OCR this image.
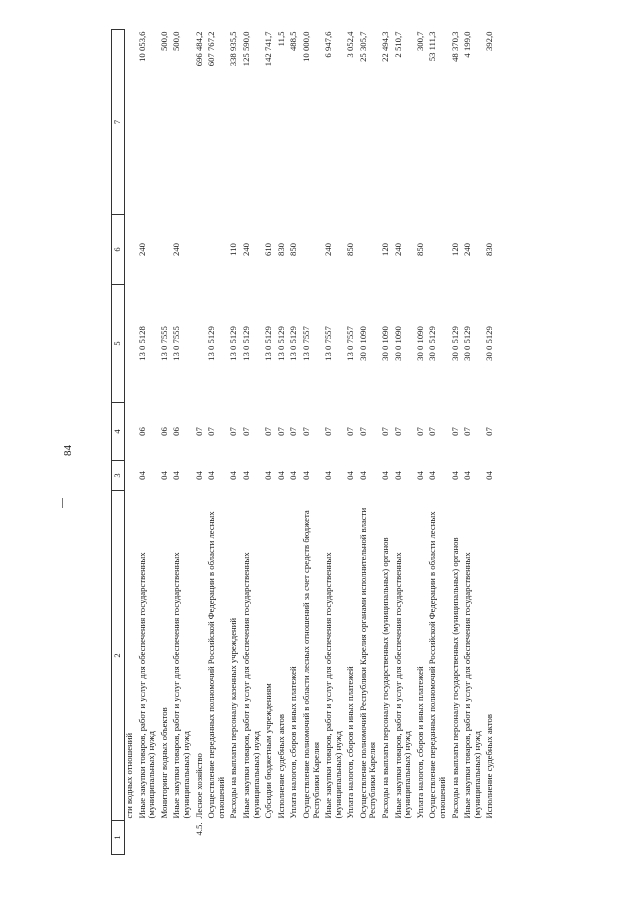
84
1	2	3	4	5	6	7
	сти водных отношений					
	Иные закупки товаров, работ и услуг для обеспечения государственных (муниципальных) нужд	04	06	13 0 5128	240	10 053,6
	Мониторинг водных объектов	04	06	13 0 7555		500,0
	Иные закупки товаров, работ и услуг для обеспечения государственных (муниципальных) нужд	04	06	13 0 7555	240	500,0
4.5.	Лесное хозяйство	04	07			696 484,2
	Осуществление переданных полномочий Российской Федерации в области лесных отношений	04	07	13 0 5129		607 767,2
	Расходы на выплаты персоналу казенных учреждений	04	07	13 0 5129	110	338 935,5
	Иные закупки товаров, работ и услуг для обеспечения государственных (муниципальных) нужд	04	07	13 0 5129	240	125 590,0
	Субсидии бюджетным учреждениям	04	07	13 0 5129	610	142 741,7
	Исполнение судебных актов	04	07	13 0 5129	830	11,5
	Уплата налогов, сборов и иных платежей	04	07	13 0 5129	850	488,5
	Осуществление полномочий в области лесных отношений за счет средств бюджета Республики Карелия	04	07	13 0 7557		10 000,0
	Иные закупки товаров, работ и услуг для обеспечения государственных (муниципальных) нужд	04	07	13 0 7557	240	6 947,6
	Уплата налогов, сборов и иных платежей	04	07	13 0 7557	850	3 052,4
	Осуществление полномочий Республики Карелия органами исполнительной власти Республики Карелия	04	07	30 0 1090		25 305,7
	Расходы на выплаты персоналу государственных (муниципальных) органов	04	07	30 0 1090	120	22 494,3
	Иные закупки товаров, работ и услуг для обеспечения государственных (муниципальных) нужд	04	07	30 0 1090	240	2 510,7
	Уплата налогов, сборов и иных платежей	04	07	30 0 1090	850	300,7
	Осуществление переданных полномочий Российской Федерации в области лесных отношений	04	07	30 0 5129		53 111,3
	Расходы на выплаты персоналу государственных (муниципальных) органов	04	07	30 0 5129	120	48 370,3
	Иные закупки товаров, работ и услуг для обеспечения государственных (муниципальных) нужд	04	07	30 0 5129	240	4 199,0
	Исполнение судебных актов	04	07	30 0 5129	830	392,0
